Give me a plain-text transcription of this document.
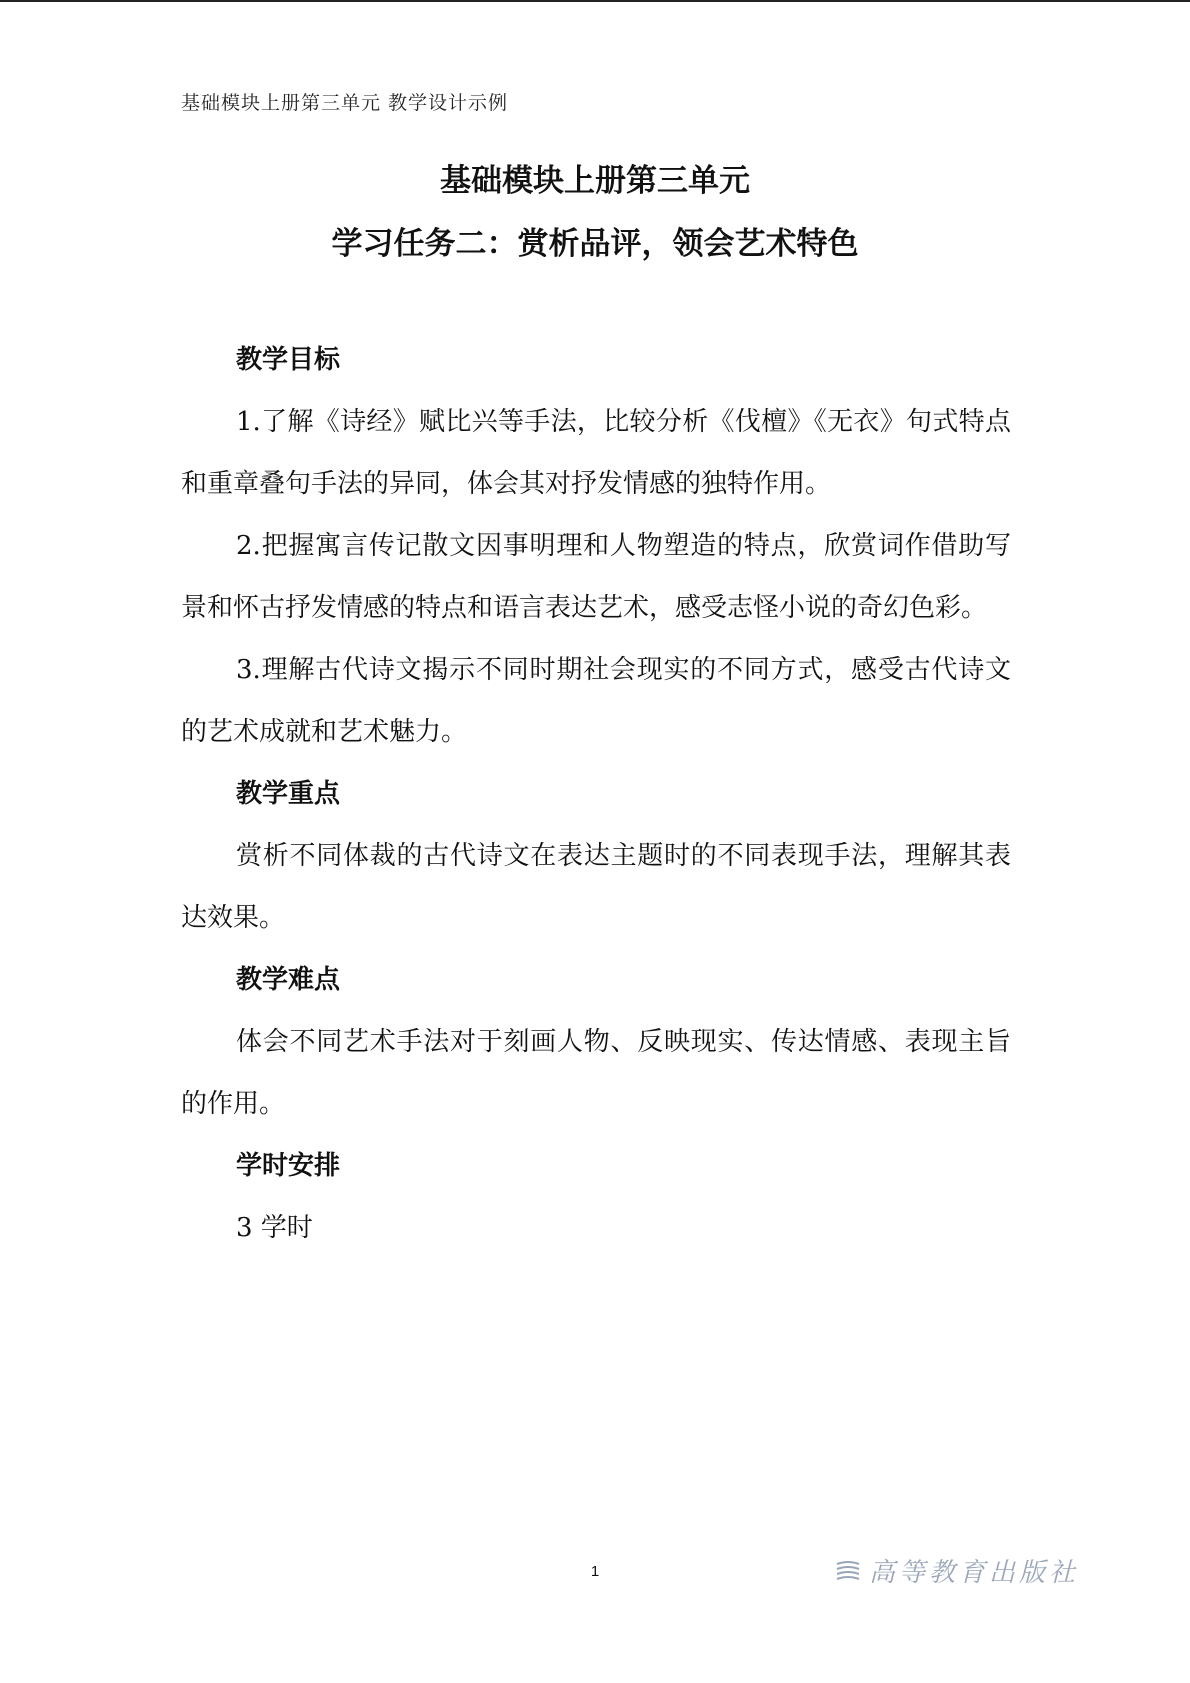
基础模块上册第三单元 教学设计示例
基础模块上册第三单元
学习任务二：赏析品评，领会艺术特色
教学目标
1.了解《诗经》赋比兴等手法，比较分析《伐檀》《无衣》句式特点和重章叠句手法的异同，体会其对抒发情感的独特作用。
2.把握寓言传记散文因事明理和人物塑造的特点，欣赏词作借助写景和怀古抒发情感的特点和语言表达艺术，感受志怪小说的奇幻色彩。
3.理解古代诗文揭示不同时期社会现实的不同方式，感受古代诗文的艺术成就和艺术魅力。
教学重点
赏析不同体裁的古代诗文在表达主题时的不同表现手法，理解其表达效果。
教学难点
体会不同艺术手法对于刻画人物、反映现实、传达情感、表现主旨的作用。
学时安排
3 学时
1	高等教育出版社
